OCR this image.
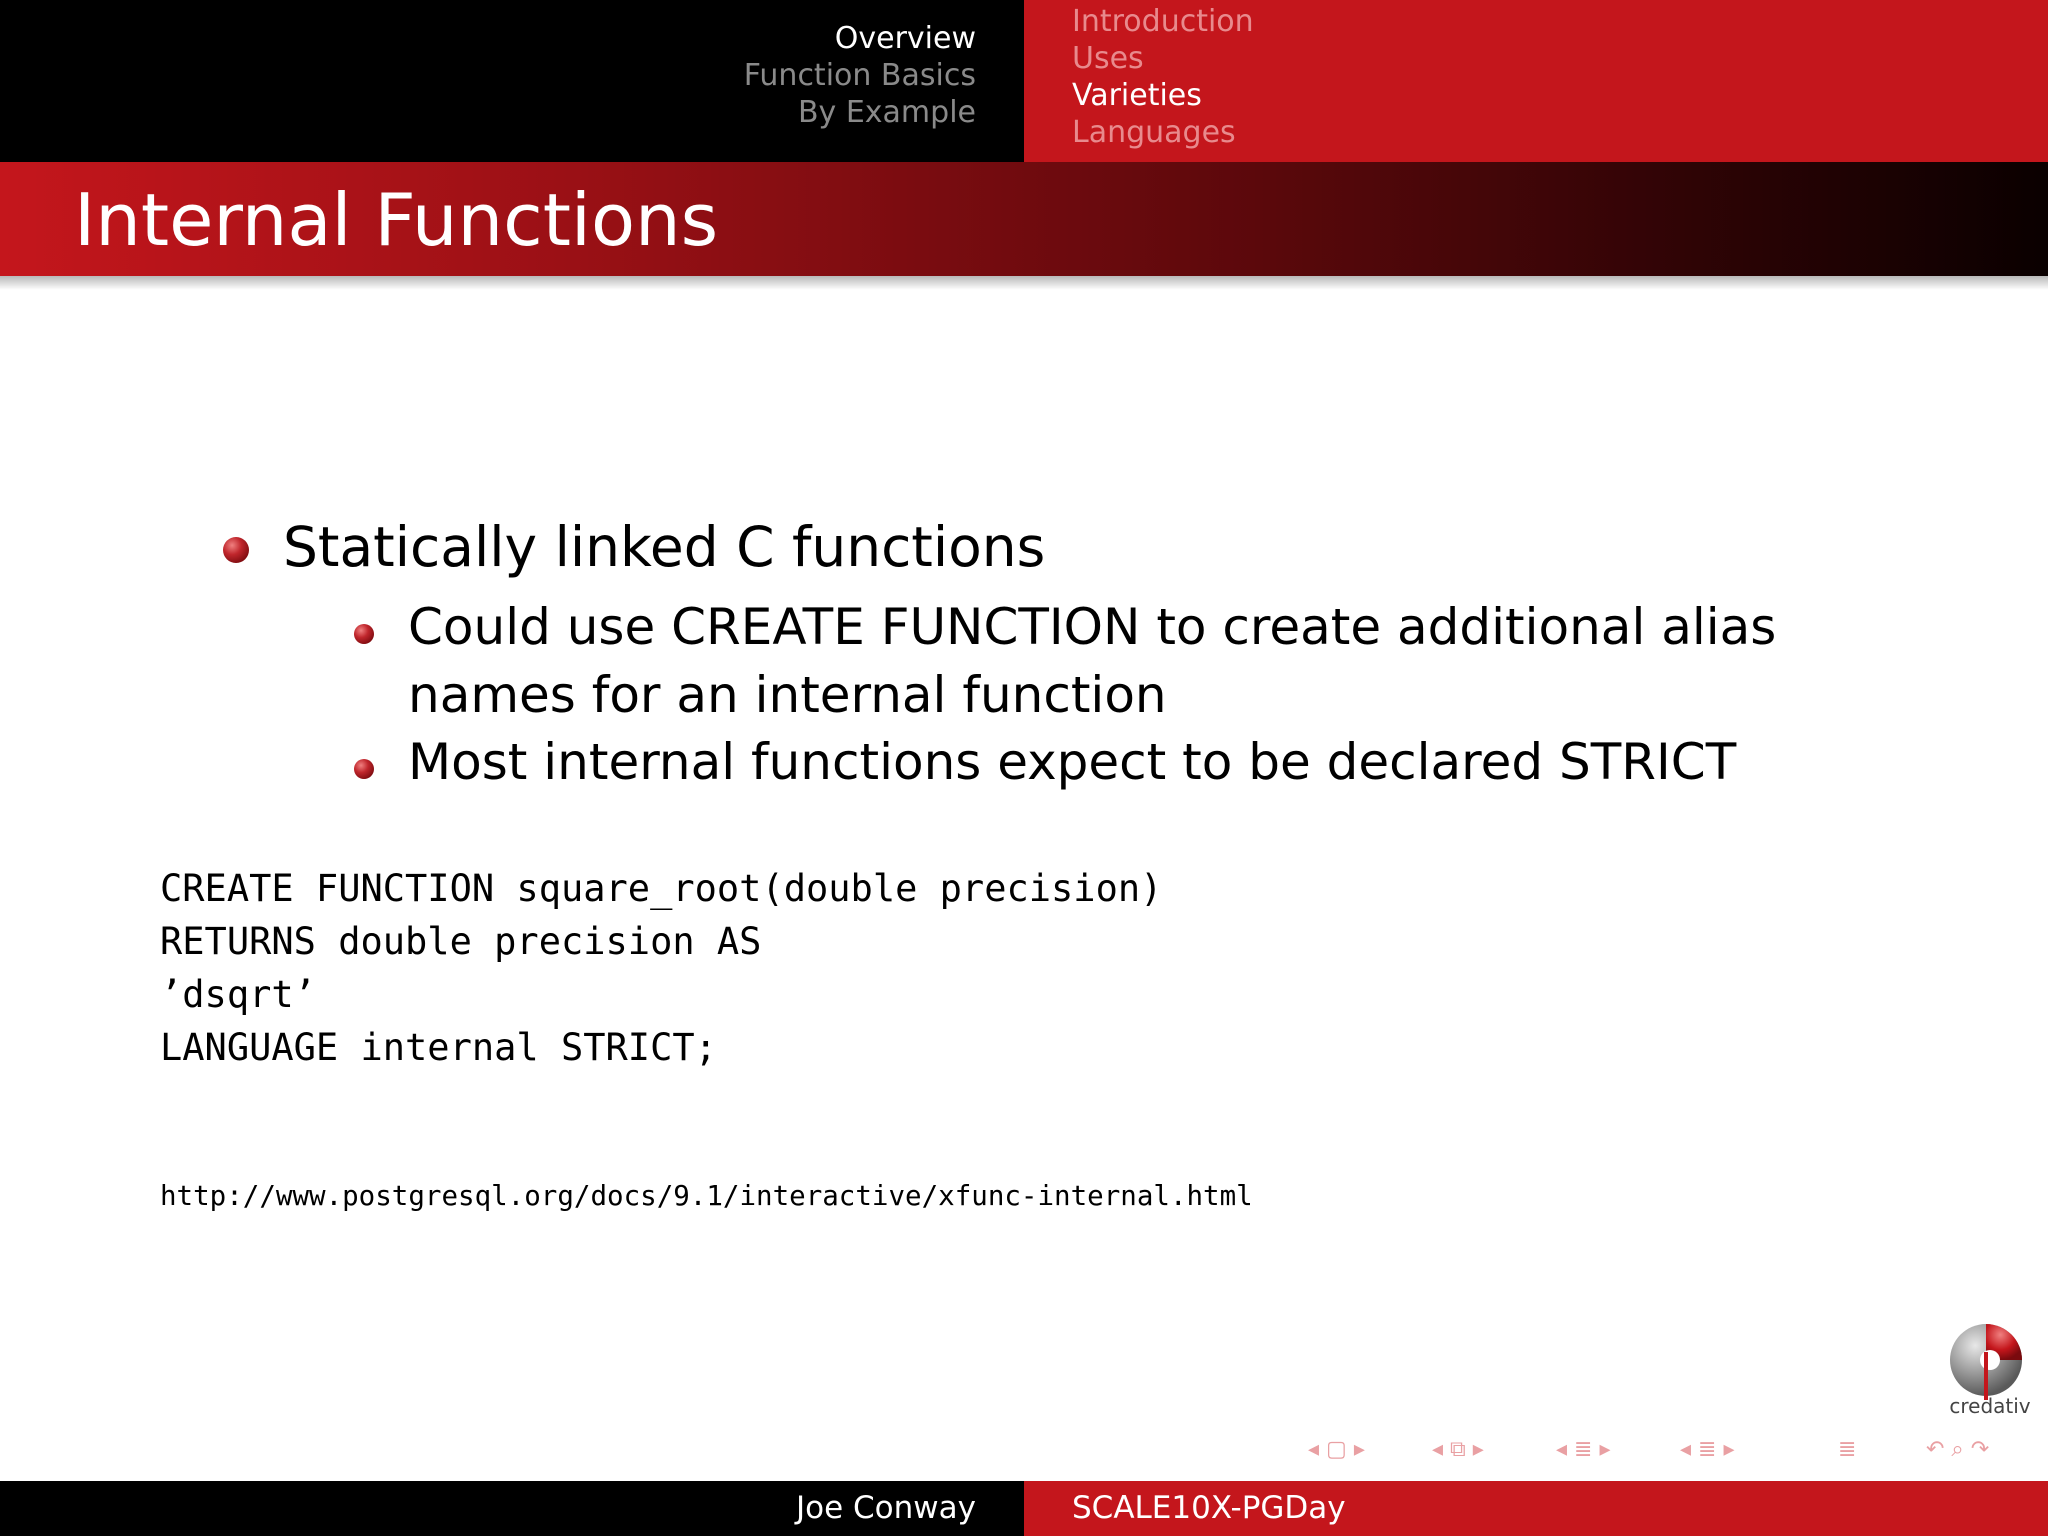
Overview
Function Basics
By Example
Introduction
Uses
Varieties
Languages
Internal Functions
Statically linked C functions
Could use CREATE FUNCTION to create additional alias
names for an internal function
Most internal functions expect to be declared STRICT
CREATE FUNCTION square_root(double precision)
RETURNS double precision AS
’dsqrt’
LANGUAGE internal STRICT;
http://www.postgresql.org/docs/9.1/interactive/xfunc-internal.html
credativ
◂ ▢ ▸	◂ ⧉ ▸	◂ ≣ ▸	◂ ≣ ▸	≣	↶ ⌕ ↷
Joe Conway	SCALE10X-PGDay
